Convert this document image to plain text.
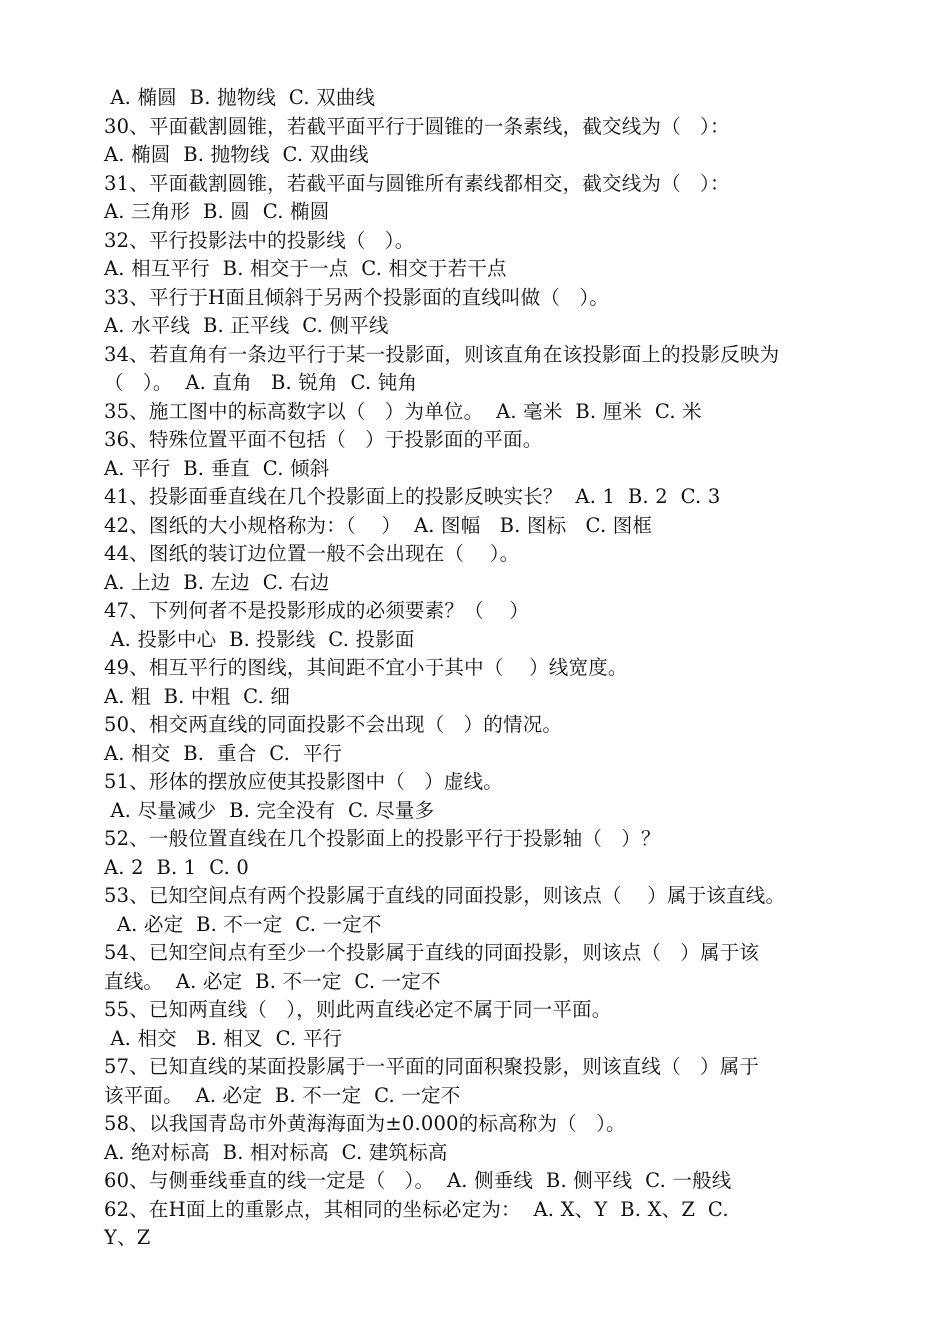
A. 椭圆  B. 抛物线  C. 双曲线
30、平面截割圆锥，若截平面平行于圆锥的一条素线，截交线为（   ）：
A. 椭圆  B. 抛物线  C. 双曲线
31、平面截割圆锥，若截平面与圆锥所有素线都相交，截交线为（   ）：
A. 三角形  B. 圆  C. 椭圆
32、平行投影法中的投影线（   ）。
A. 相互平行  B. 相交于一点  C. 相交于若干点
33、平行于H面且倾斜于另两个投影面的直线叫做（   ）。
A. 水平线  B. 正平线  C. 侧平线
34、若直角有一条边平行于某一投影面，则该直角在该投影面上的投影反映为
（   ）。  A. 直角   B. 锐角  C. 钝角
35、施工图中的标高数字以（   ）为单位。  A. 毫米  B. 厘米  C. 米
36、特殊位置平面不包括（   ）于投影面的平面。
A. 平行  B. 垂直  C. 倾斜
41、投影面垂直线在几个投影面上的投影反映实长？  A. 1  B. 2  C. 3
42、图纸的大小规格称为：（    ）  A. 图幅   B. 图标   C. 图框
44、图纸的装订边位置一般不会出现在（    ）。
A. 上边  B. 左边  C. 右边
47、下列何者不是投影形成的必须要素？（    ）
A. 投影中心  B. 投影线  C. 投影面
49、相互平行的图线，其间距不宜小于其中（    ）线宽度。
A. 粗  B. 中粗  C. 细
50、相交两直线的同面投影不会出现（   ）的情况。
A. 相交  B.  重合  C.  平行
51、形体的摆放应使其投影图中（   ）虚线。
A. 尽量减少  B. 完全没有  C. 尽量多
52、一般位置直线在几个投影面上的投影平行于投影轴（   ）？
A. 2  B. 1  C. 0
53、已知空间点有两个投影属于直线的同面投影，则该点（    ）属于该直线。
A. 必定  B. 不一定  C. 一定不
54、已知空间点有至少一个投影属于直线的同面投影，则该点（   ）属于该
直线。  A. 必定  B. 不一定  C. 一定不
55、已知两直线（   ），则此两直线必定不属于同一平面。
A. 相交   B. 相叉  C. 平行
57、已知直线的某面投影属于一平面的同面积聚投影，则该直线（   ）属于
该平面。  A. 必定  B. 不一定  C. 一定不
58、以我国青岛市外黄海海面为±0.000的标高称为（   ）。
A. 绝对标高  B. 相对标高  C. 建筑标高
60、与侧垂线垂直的线一定是（   ）。  A. 侧垂线  B. 侧平线  C. 一般线
62、在H面上的重影点，其相同的坐标必定为：  A. X、Y  B. X、Z  C.
Y、Z
